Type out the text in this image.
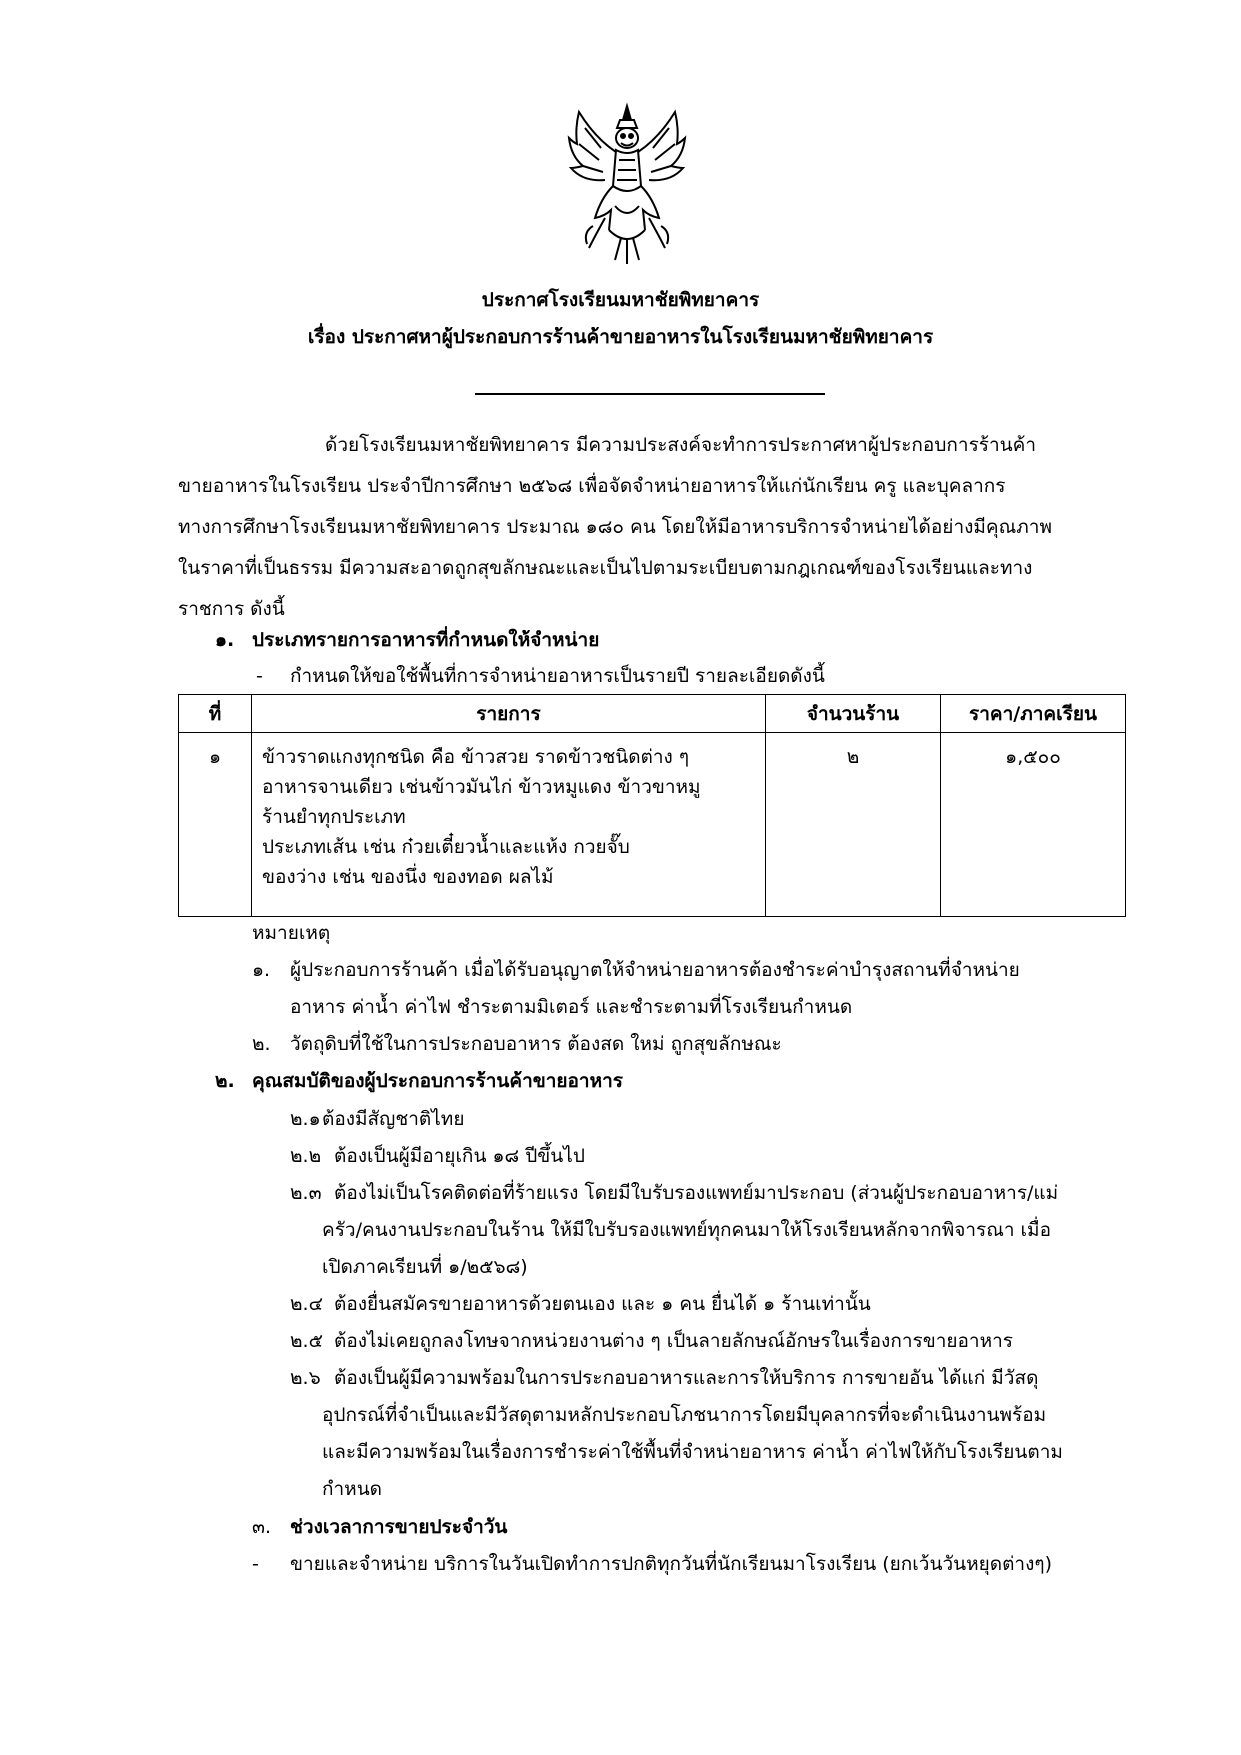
ประกาศโรงเรียนมหาชัยพิทยาคาร
เรื่อง ประกาศหาผู้ประกอบการร้านค้าขายอาหารในโรงเรียนมหาชัยพิทยาคาร
ด้วยโรงเรียนมหาชัยพิทยาคาร มีความประสงค์จะทำการประกาศหาผู้ประกอบการร้านค้า
ขายอาหารในโรงเรียน ประจำปีการศึกษา ๒๕๖๘ เพื่อจัดจำหน่ายอาหารให้แก่นักเรียน ครู และบุคลากร
ทางการศึกษาโรงเรียนมหาชัยพิทยาคาร ประมาณ ๑๘๐ คน โดยให้มีอาหารบริการจำหน่ายได้อย่างมีคุณภาพ
ในราคาที่เป็นธรรม มีความสะอาดถูกสุขลักษณะและเป็นไปตามระเบียบตามกฎเกณฑ์ของโรงเรียนและทาง
ราชการ ดังนี้
๑. ประเภทรายการอาหารที่กำหนดให้จำหน่าย
- กำหนดให้ขอใช้พื้นที่การจำหน่ายอาหารเป็นรายปี รายละเอียดดังนี้
ที่	รายการ	จำนวนร้าน	ราคา/ภาคเรียน

๑	ข้าวราดแกงทุกชนิด คือ ข้าวสวย ราดข้าวชนิดต่าง ๆ
อาหารจานเดียว เช่นข้าวมันไก่ ข้าวหมูแดง ข้าวขาหมู
ร้านยำทุกประเภท
ประเภทเส้น เช่น ก๋วยเตี๋ยวน้ำและแห้ง กวยจั๊บ
ของว่าง เช่น ของนึ่ง ของทอด ผลไม้	๒	๑,๕๐๐
หมายเหตุ
๑. ผู้ประกอบการร้านค้า เมื่อได้รับอนุญาตให้จำหน่ายอาหารต้องชำระค่าบำรุงสถานที่จำหน่าย
อาหาร ค่าน้ำ ค่าไฟ ชำระตามมิเตอร์ และชำระตามที่โรงเรียนกำหนด
๒. วัตถุดิบที่ใช้ในการประกอบอาหาร ต้องสด ใหม่ ถูกสุขลักษณะ
๒. คุณสมบัติของผู้ประกอบการร้านค้าขายอาหาร
๒.๑ ต้องมีสัญชาติไทย
๒.๒ ต้องเป็นผู้มีอายุเกิน ๑๘ ปีขึ้นไป
๒.๓ ต้องไม่เป็นโรคติดต่อที่ร้ายแรง โดยมีใบรับรองแพทย์มาประกอบ (ส่วนผู้ประกอบอาหาร/แม่
ครัว/คนงานประกอบในร้าน ให้มีใบรับรองแพทย์ทุกคนมาให้โรงเรียนหลักจากพิจารณา เมื่อ
เปิดภาคเรียนที่ ๑/๒๕๖๘)
๒.๔ ต้องยื่นสมัครขายอาหารด้วยตนเอง และ ๑ คน ยื่นได้ ๑ ร้านเท่านั้น
๒.๕ ต้องไม่เคยถูกลงโทษจากหน่วยงานต่าง ๆ เป็นลายลักษณ์อักษรในเรื่องการขายอาหาร
๒.๖ ต้องเป็นผู้มีความพร้อมในการประกอบอาหารและการให้บริการ การขายอัน ได้แก่ มีวัสดุ
อุปกรณ์ที่จำเป็นและมีวัสดุตามหลักประกอบโภชนาการโดยมีบุคลากรที่จะดำเนินงานพร้อม
และมีความพร้อมในเรื่องการชำระค่าใช้พื้นที่จำหน่ายอาหาร ค่าน้ำ ค่าไฟให้กับโรงเรียนตาม
กำหนด
๓. ช่วงเวลาการขายประจำวัน
- ขายและจำหน่าย บริการในวันเปิดทำการปกติทุกวันที่นักเรียนมาโรงเรียน (ยกเว้นวันหยุดต่างๆ)
